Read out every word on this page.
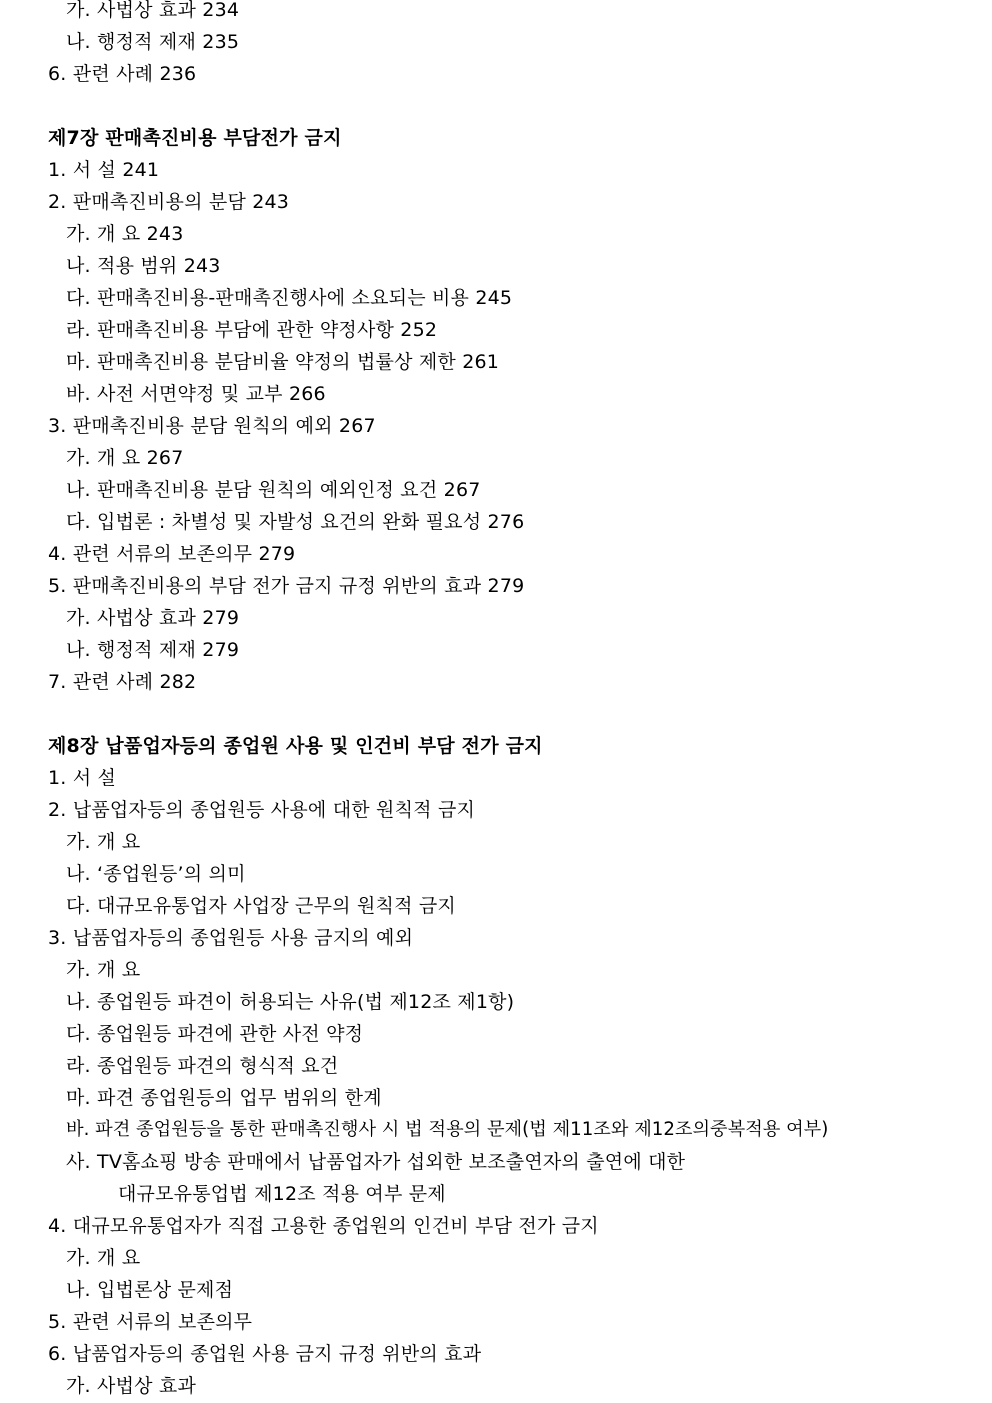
가. 사법상 효과 234
나. 행정적 제재 235
6. 관련 사례 236
제7장 판매촉진비용 부담전가 금지
1. 서 설 241
2. 판매촉진비용의 분담 243
가. 개 요 243
나. 적용 범위 243
다. 판매촉진비용-판매촉진행사에 소요되는 비용 245
라. 판매촉진비용 부담에 관한 약정사항 252
마. 판매촉진비용 분담비율 약정의 법률상 제한 261
바. 사전 서면약정 및 교부 266
3. 판매촉진비용 분담 원칙의 예외 267
가. 개 요 267
나. 판매촉진비용 분담 원칙의 예외인정 요건 267
다. 입법론 : 차별성 및 자발성 요건의 완화 필요성 276
4. 관련 서류의 보존의무 279
5. 판매촉진비용의 부담 전가 금지 규정 위반의 효과 279
가. 사법상 효과 279
나. 행정적 제재 279
7. 관련 사례 282
제8장 납품업자등의 종업원 사용 및 인건비 부담 전가 금지
1. 서 설
2. 납품업자등의 종업원등 사용에 대한 원칙적 금지
가. 개 요
나. ‘종업원등’의 의미
다. 대규모유통업자 사업장 근무의 원칙적 금지
3. 납품업자등의 종업원등 사용 금지의 예외
가. 개 요
나. 종업원등 파견이 허용되는 사유(법 제12조 제1항)
다. 종업원등 파견에 관한 사전 약정
라. 종업원등 파견의 형식적 요건
마. 파견 종업원등의 업무 범위의 한계
바. 파견 종업원등을 통한 판매촉진행사 시 법 적용의 문제(법 제11조와 제12조의중복적용 여부)
사. TV홈쇼핑 방송 판매에서 납품업자가 섭외한 보조출연자의 출연에 대한
대규모유통업법 제12조 적용 여부 문제
4. 대규모유통업자가 직접 고용한 종업원의 인건비 부담 전가 금지
가. 개 요
나. 입법론상 문제점
5. 관련 서류의 보존의무
6. 납품업자등의 종업원 사용 금지 규정 위반의 효과
가. 사법상 효과
